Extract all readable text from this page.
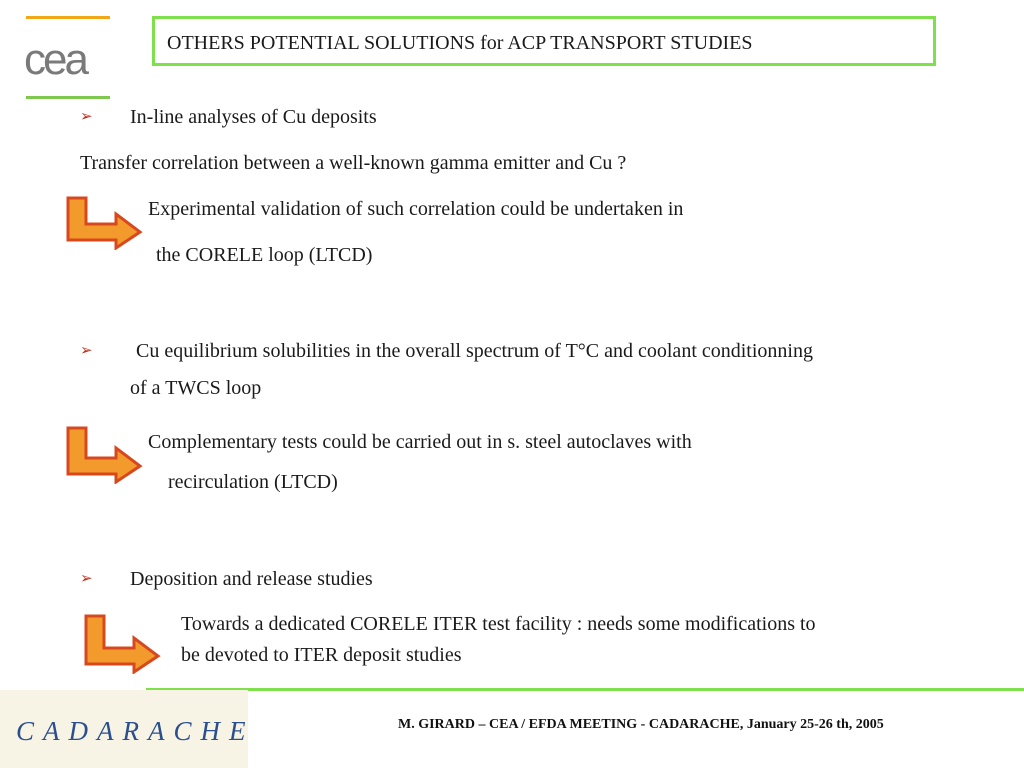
cea	OTHERS POTENTIAL SOLUTIONS for ACP TRANSPORT STUDIES
➢ In-line analyses of Cu deposits
Transfer correlation between a well-known gamma emitter and Cu ?
Experimental validation of such correlation could be undertaken in
the CORELE loop (LTCD)
➢ Cu equilibrium solubilities in the overall spectrum of T°C and coolant conditionning
of a TWCS loop
Complementary tests could be carried out in s. steel autoclaves with
recirculation (LTCD)
➢ Deposition and release studies
Towards a dedicated CORELE ITER test facility : needs some modifications to
be devoted to ITER deposit studies
CADARACHE	M. GIRARD – CEA / EFDA MEETING - CADARACHE, January 25-26 th, 2005
